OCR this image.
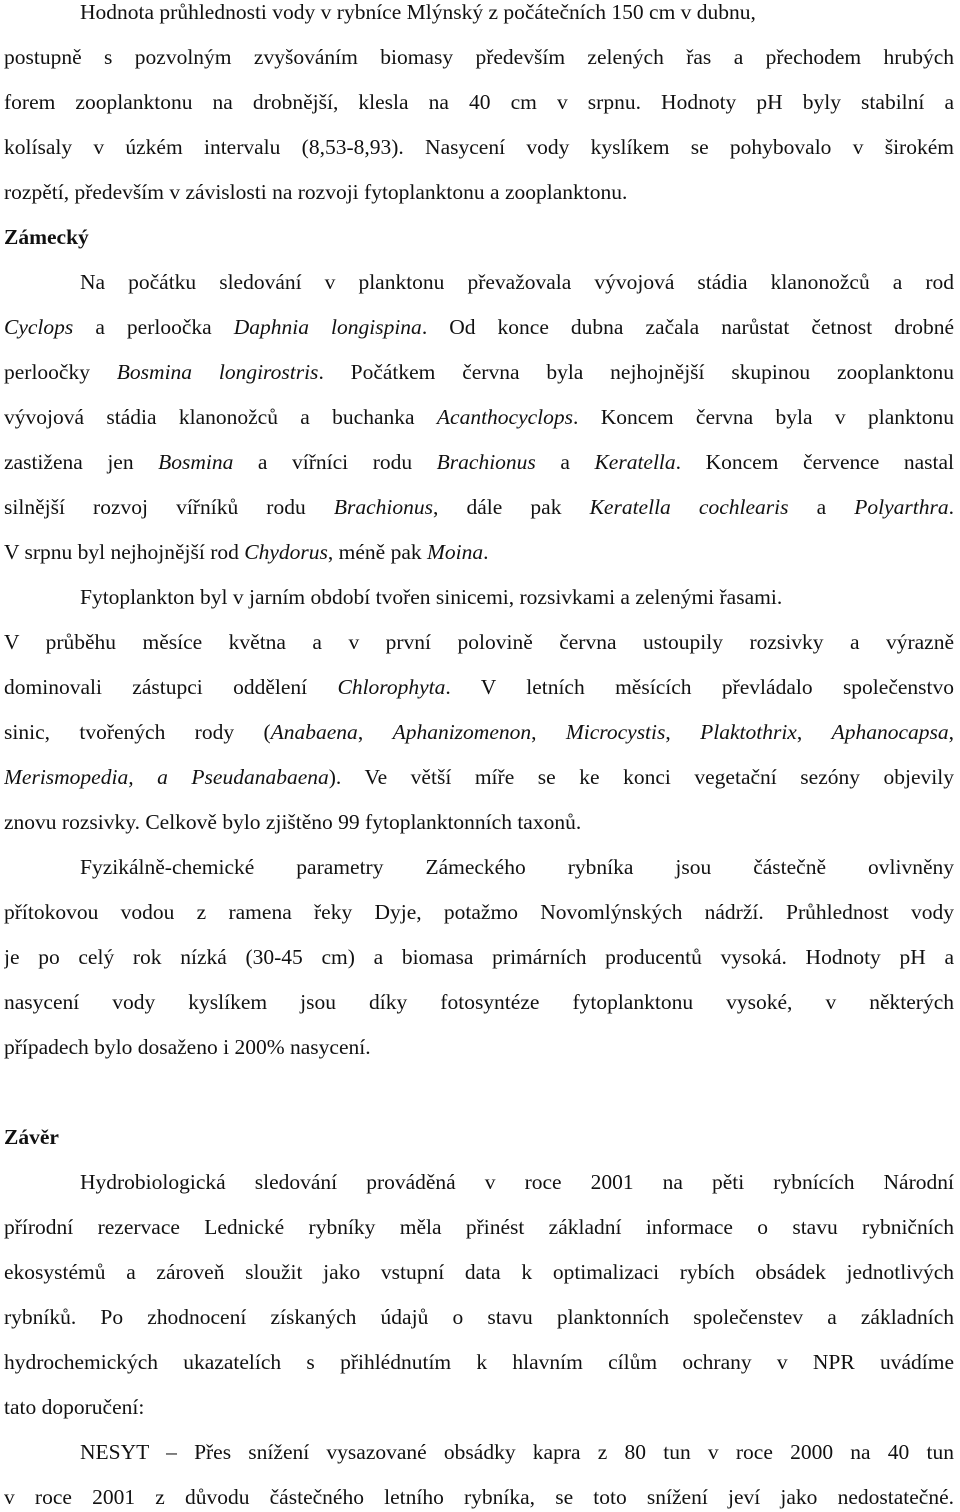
Hodnota průhlednosti vody v rybníce Mlýnský z počátečních 150 cm v dubnu,
postupně s pozvolným zvyšováním biomasy především zelených řas a přechodem hrubých
forem zooplanktonu na drobnější, klesla na 40 cm v srpnu. Hodnoty pH byly stabilní a
kolísaly v úzkém intervalu (8,53-8,93). Nasycení vody kyslíkem se pohybovalo v širokém
rozpětí, především v závislosti na rozvoji fytoplanktonu a zooplanktonu.
Zámecký
Na počátku sledování v planktonu převažovala vývojová stádia klanonožců a rod
Cyclops a perloočka Daphnia longispina. Od konce dubna začala narůstat četnost drobné
perloočky Bosmina longirostris. Počátkem června byla nejhojnější skupinou zooplanktonu
vývojová stádia klanonožců a buchanka Acanthocyclops. Koncem června byla v planktonu
zastižena jen Bosmina a vířníci rodu Brachionus a Keratella. Koncem července nastal
silnější rozvoj vířníků rodu Brachionus, dále pak Keratella cochlearis a Polyarthra.
V srpnu byl nejhojnější rod Chydorus, méně pak Moina.
Fytoplankton byl v jarním období tvořen sinicemi, rozsivkami a zelenými řasami.
V průběhu měsíce května a v první polovině června ustoupily rozsivky a výrazně
dominovali zástupci oddělení Chlorophyta. V letních měsících převládalo společenstvo
sinic, tvořených rody (Anabaena, Aphanizomenon, Microcystis, Plaktothrix, Aphanocapsa,
Merismopedia, a Pseudanabaena). Ve větší míře se ke konci vegetační sezóny objevily
znovu rozsivky. Celkově bylo zjištěno 99 fytoplanktonních taxonů.
Fyzikálně-chemické parametry Zámeckého rybníka jsou částečně ovlivněny
přítokovou vodou z ramena řeky Dyje, potažmo Novomlýnských nádrží. Průhlednost vody
je po celý rok nízká (30-45 cm) a biomasa primárních producentů vysoká. Hodnoty pH a
nasycení vody kyslíkem jsou díky fotosyntéze fytoplanktonu vysoké, v některých
případech bylo dosaženo i 200% nasycení.
Závěr
Hydrobiologická sledování prováděná v roce 2001 na pěti rybnících Národní
přírodní rezervace Lednické rybníky měla přinést základní informace o stavu rybničních
ekosystémů a zároveň sloužit jako vstupní data k optimalizaci rybích obsádek jednotlivých
rybníků. Po zhodnocení získaných údajů o stavu planktonních společenstev a základních
hydrochemických ukazatelích s přihlédnutím k hlavním cílům ochrany v NPR uvádíme
tato doporučení:
NESYT – Přes snížení vysazované obsádky kapra z 80 tun v roce 2000 na 40 tun
v roce 2001 z důvodu částečného letního rybníka, se toto snížení jeví jako nedostatečné.
